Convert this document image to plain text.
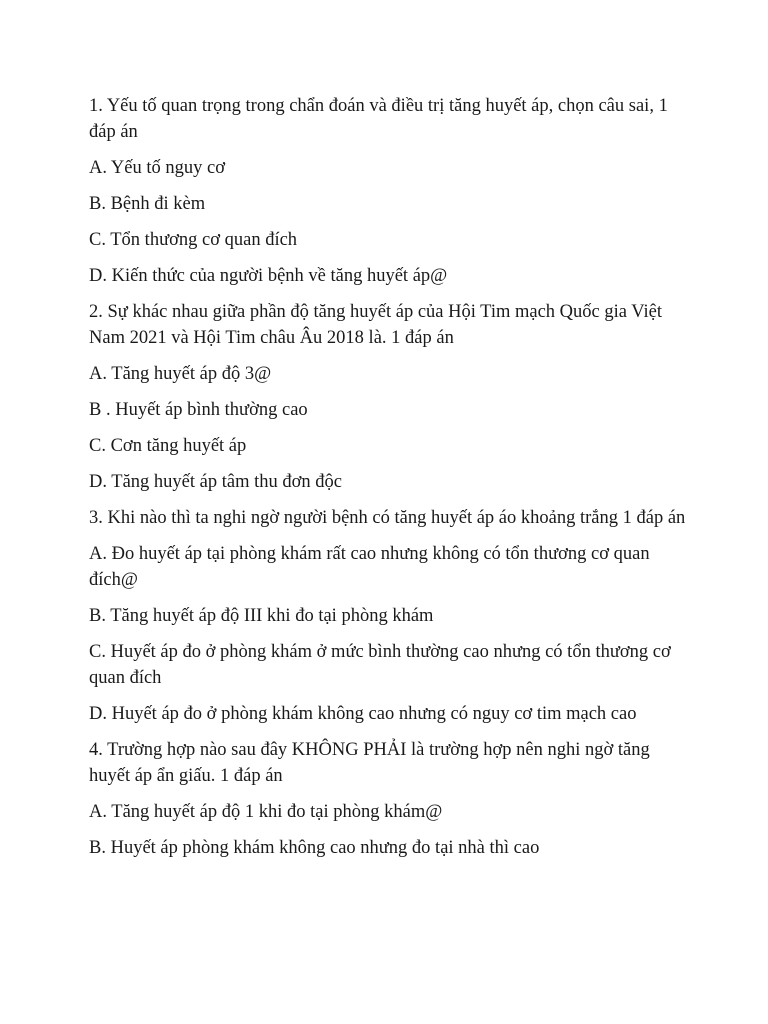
1. Yếu tố quan trọng trong chẩn đoán và điều trị tăng huyết áp, chọn câu sai, 1 đáp án

A. Yếu tố nguy cơ

B. Bệnh đi kèm

C. Tổn thương cơ quan đích

D. Kiến thức của người bệnh về tăng huyết áp@

2. Sự khác nhau giữa phần độ tăng huyết áp của Hội Tim mạch Quốc gia Việt Nam 2021 và Hội Tim châu Âu 2018 là. 1 đáp án

A. Tăng huyết áp độ 3@

B . Huyết áp bình thường cao

C. Cơn tăng huyết áp

D. Tăng huyết áp tâm thu đơn độc

3. Khi nào thì ta nghi ngờ người bệnh có tăng huyết áp áo khoảng trắng 1 đáp án

A. Đo huyết áp tại phòng khám rất cao nhưng không có tổn thương cơ quan đích@

B. Tăng huyết áp độ III khi đo tại phòng khám

C. Huyết áp đo ở phòng khám ở mức bình thường cao nhưng có tổn thương cơ quan đích

D. Huyết áp đo ở phòng khám không cao nhưng có nguy cơ tim mạch cao

4. Trường hợp nào sau đây KHÔNG PHẢI là trường hợp nên nghi ngờ tăng huyết áp ẩn giấu. 1 đáp án

A. Tăng huyết áp độ 1 khi đo tại phòng khám@

B. Huyết áp phòng khám không cao nhưng đo tại nhà thì cao
